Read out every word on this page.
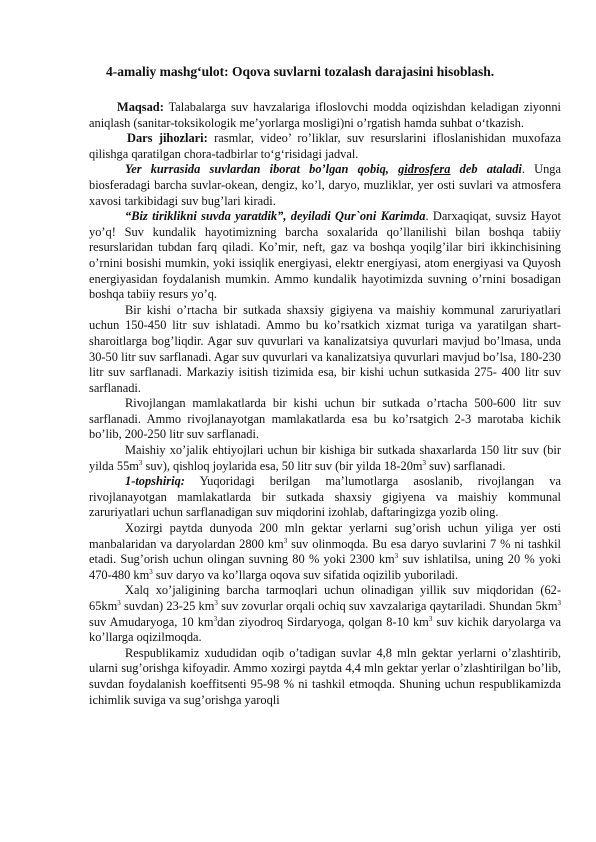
4-amaliy mashg‘ulot: Oqova suvlarni tozalash darajasini hisoblash.

Maqsad: Talabalarga suv havzalariga ifloslovchi modda oqizishdan keladigan ziyonni aniqlash (sanitar-toksikologik me’yorlarga mosligi)ni o’rgatish hamda suhbat o‘tkazish.

Dars jihozlari: rasmlar, video’ ro’liklar, suv resurslarini ifloslanishidan muxofaza qilishga qaratilgan chora-tadbirlar to‘g‘risidagi jadval.

Yer kurrasida suvlardan iborat bo’lgan qobiq, gidrosfera deb ataladi. Unga biosferadagi barcha suvlar-okean, dengiz, ko’l, daryo, muzliklar, yer osti suvlari va atmosfera xavosi tarkibidagi suv bug’lari kiradi.

“Biz tiriklikni suvda yaratdik”, deyiladi Qur`oni Karimda. Darxaqiqat, suvsiz Hayot yo’q! Suv kundalik hayotimizning barcha soxalarida qo’llanilishi bilan boshqa tabiiy resurslaridan tubdan farq qiladi. Ko’mir, neft, gaz va boshqa yoqilg’ilar biri ikkinchisining o’rnini bosishi mumkin, yoki issiqlik energiyasi, elektr energiyasi, atom energiyasi va Quyosh energiyasidan foydalanish mumkin. Ammo kundalik hayotimizda suvning o’rnini bosadigan boshqa tabiiy resurs yo’q.

Bir kishi o’rtacha bir sutkada shaxsiy gigiyena va maishiy kommunal zaruriyatlari uchun 150-450 litr suv ishlatadi. Ammo bu ko’rsatkich xizmat turiga va yaratilgan shart-sharoitlarga bog’liqdir. Agar suv quvurlari va kanalizatsiya quvurlari mavjud bo’lmasa, unda 30-50 litr suv sarflanadi. Agar suv quvurlari va kanalizatsiya quvurlari mavjud bo’lsa, 180-230 litr suv sarflanadi. Markaziy isitish tizimida esa, bir kishi uchun sutkasida 275- 400 litr suv sarflanadi.

Rivojlangan mamlakatlarda bir kishi uchun bir sutkada o’rtacha 500-600 litr suv sarflanadi. Ammo rivojlanayotgan mamlakatlarda esa bu ko’rsatgich 2-3 marotaba kichik bo’lib, 200-250 litr suv sarflanadi.

Maishiy xo’jalik ehtiyojlari uchun bir kishiga bir sutkada shaxarlarda 150 litr suv (bir yilda $55m^3$ suv), qishloq joylarida esa, 50 litr suv (bir yilda $18-20m^3$ suv) sarflanadi.

1-topshiriq: Yuqoridagi berilgan ma’lumotlarga asoslanib, rivojlangan va rivojlanayotgan mamlakatlarda bir sutkada shaxsiy gigiyena va maishiy kommunal zaruriyatlari uchun sarflanadigan suv miqdorini izohlab, daftaringizga yozib oling.

Xozirgi paytda dunyoda 200 mln gektar yerlarni sug’orish uchun yiliga yer osti manbalaridan va daryolardan 2800 $km^3$ suv olinmoqda. Bu esa daryo suvlarini 7 % ni tashkil etadi. Sug’orish uchun olingan suvning 80 % yoki 2300 $km^3$ suv ishlatilsa, uning 20 % yoki 470-480 $km^3$ suv daryo va ko’llarga oqova suv sifatida oqizilib yuboriladi.

Xalq xo’jaligining barcha tarmoqlari uchun olinadigan yillik suv miqdoridan ($62-65km^3$ suvdan) 23-25 $km^3$ suv zovurlar orqali ochiq suv xavzalariga qaytariladi. Shundan $5km^3$ suv Amudaryoga, 10 $km^3dan$ ziyodroq Sirdaryoga, qolgan 8-10 $km^3$ suv kichik daryolarga va ko’llarga oqizilmoqda.

Respublikamiz xududidan oqib o’tadigan suvlar 4,8 mln gektar yerlarni o’zlashtirib, ularni sug’orishga kifoyadir. Ammo xozirgi paytda 4,4 mln gektar yerlar o’zlashtirilgan bo’lib, suvdan foydalanish koeffitsenti 95-98 % ni tashkil etmoqda. Shuning uchun respublikamizda ichimlik suviga va sug’orishga yaroqli
